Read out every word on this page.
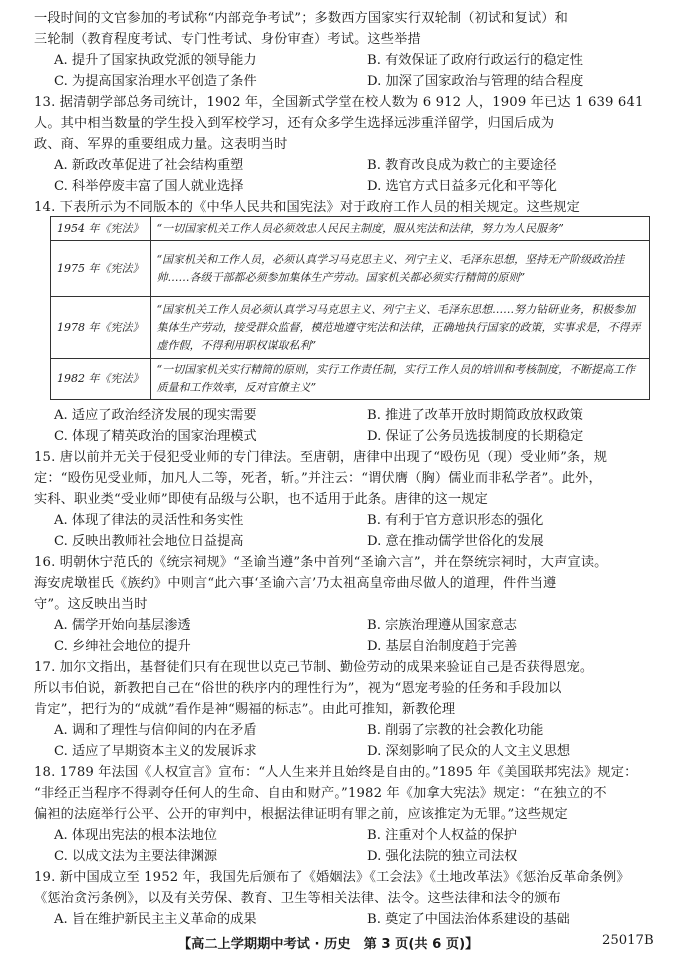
一段时间的文官参加的考试称“内部竞争考试”；多数西方国家实行双轮制（初试和复试）和
三轮制（教育程度考试、专门性考试、身份审查）考试。这些举措
A. 提升了国家执政党派的领导能力	B. 有效保证了政府行政运行的稳定性
C. 为提高国家治理水平创造了条件	D. 加深了国家政治与管理的结合程度
13. 据清朝学部总务司统计，1902 年，全国新式学堂在校人数为 6 912 人，1909 年已达 1 639 641
人。其中相当数量的学生投入到军校学习，还有众多学生选择远涉重洋留学，归国后成为
政、商、军界的重要组成力量。这表明当时
A. 新政改革促进了社会结构重塑	B. 教育改良成为救亡的主要途径
C. 科举停废丰富了国人就业选择	D. 选官方式日益多元化和平等化
14. 下表所示为不同版本的《中华人民共和国宪法》对于政府工作人员的相关规定。这些规定
1954 年《宪法》	“一切国家机关工作人员必须效忠人民民主制度，服从宪法和法律，努力为人民服务”
1975 年《宪法》	“国家机关和工作人员，必须认真学习马克思主义、列宁主义、毛泽东思想，坚持无产阶级政治挂帅……各级干部都必须参加集体生产劳动。国家机关都必须实行精简的原则”
1978 年《宪法》	“国家机关工作人员必须认真学习马克思主义、列宁主义、毛泽东思想……努力钻研业务，积极参加集体生产劳动，接受群众监督，模范地遵守宪法和法律，正确地执行国家的政策，实事求是，不得弄虚作假，不得利用职权谋取私利”
1982 年《宪法》	“一切国家机关实行精简的原则，实行工作责任制，实行工作人员的培训和考核制度，不断提高工作质量和工作效率，反对官僚主义”
A. 适应了政治经济发展的现实需要	B. 推进了改革开放时期简政放权政策
C. 体现了精英政治的国家治理模式	D. 保证了公务员选拔制度的长期稳定
15. 唐以前并无关于侵犯受业师的专门律法。至唐朝，唐律中出现了“殴伤见（现）受业师”条，规
定：“殴伤见受业师，加凡人二等，死者，斩。”并注云：“谓伏膺（胸）儒业而非私学者”。此外，
实科、职业类“受业师”即使有品级与公职，也不适用于此条。唐律的这一规定
A. 体现了律法的灵活性和务实性	B. 有利于官方意识形态的强化
C. 反映出教师社会地位日益提高	D. 意在推动儒学世俗化的发展
16. 明朝休宁范氏的《统宗祠规》“圣谕当遵”条中首列“圣谕六言”，并在祭统宗祠时，大声宣读。
海安虎墩崔氏《族约》中则言“此六事‘圣谕六言’乃太祖高皇帝曲尽做人的道理，件件当遵
守”。这反映出当时
A. 儒学开始向基层渗透	B. 宗族治理遵从国家意志
C. 乡绅社会地位的提升	D. 基层自治制度趋于完善
17. 加尔文指出，基督徒们只有在现世以克己节制、勤俭劳动的成果来验证自己是否获得恩宠。
所以韦伯说，新教把自己在“俗世的秩序内的理性行为”，视为“恩宠考验的任务和手段加以
肯定”，把行为的“成就”看作是神“赐福的标志”。由此可推知，新教伦理
A. 调和了理性与信仰间的内在矛盾	B. 削弱了宗教的社会教化功能
C. 适应了早期资本主义的发展诉求	D. 深刻影响了民众的人文主义思想
18. 1789 年法国《人权宣言》宣布：“人人生来并且始终是自由的。”1895 年《美国联邦宪法》规定：
“非经正当程序不得剥夺任何人的生命、自由和财产。”1982 年《加拿大宪法》规定：“在独立的不
偏袒的法庭举行公平、公开的审判中，根据法律证明有罪之前，应该推定为无罪。”这些规定
A. 体现出宪法的根本法地位	B. 注重对个人权益的保护
C. 以成文法为主要法律渊源	D. 强化法院的独立司法权
19. 新中国成立至 1952 年，我国先后颁布了《婚姻法》《工会法》《土地改革法》《惩治反革命条例》
《惩治贪污条例》，以及有关劳保、教育、卫生等相关法律、法令。这些法律和法令的颁布
A. 旨在维护新民主主义革命的成果	B. 奠定了中国法治体系建设的基础
【高二上学期期中考试 · 历史　第 3 页(共 6 页)】	25017B
